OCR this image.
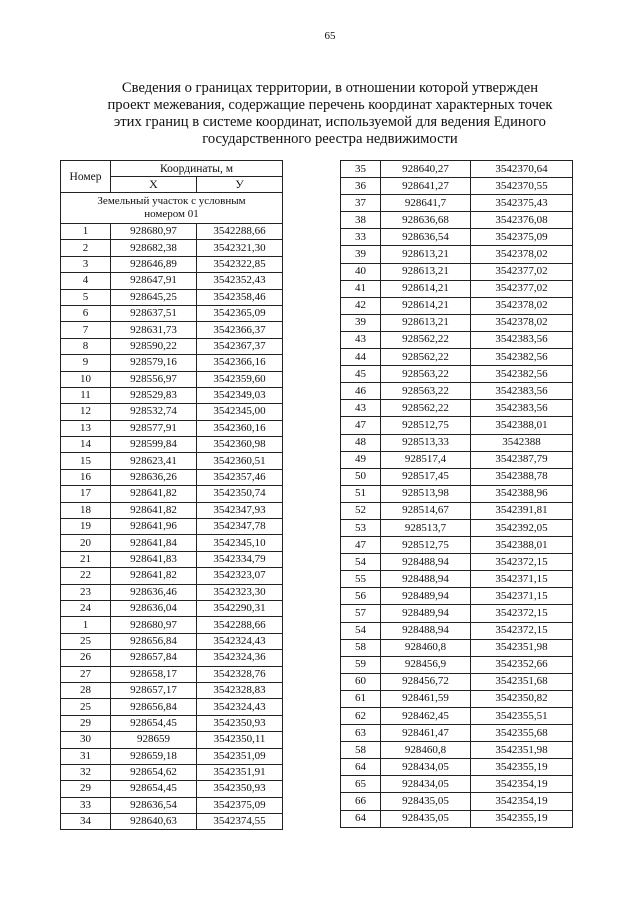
65
Сведения о границах территории, в отношении которой утвержден
проект межевания, содержащие перечень координат характерных точек
этих границ в системе координат, используемой для ведения Единого
государственного реестра недвижимости
Номер	Координаты, м	
	X	У
Земельный участок с условным номером 01		
1	928680,97	3542288,66
2	928682,38	3542321,30
3	928646,89	3542322,85
4	928647,91	3542352,43
5	928645,25	3542358,46
6	928637,51	3542365,09
7	928631,73	3542366,37
8	928590,22	3542367,37
9	928579,16	3542366,16
10	928556,97	3542359,60
11	928529,83	3542349,03
12	928532,74	3542345,00
13	928577,91	3542360,16
14	928599,84	3542360,98
15	928623,41	3542360,51
16	928636,26	3542357,46
17	928641,82	3542350,74
18	928641,82	3542347,93
19	928641,96	3542347,78
20	928641,84	3542345,10
21	928641,83	3542334,79
22	928641,82	3542323,07
23	928636,46	3542323,30
24	928636,04	3542290,31
1	928680,97	3542288,66
25	928656,84	3542324,43
26	928657,84	3542324,36
27	928658,17	3542328,76
28	928657,17	3542328,83
25	928656,84	3542324,43
29	928654,45	3542350,93
30	928659	3542350,11
31	928659,18	3542351,09
32	928654,62	3542351,91
29	928654,45	3542350,93
33	928636,54	3542375,09
34	928640,63	3542374,55
35	928640,27	3542370,64
36	928641,27	3542370,55
37	928641,7	3542375,43
38	928636,68	3542376,08
33	928636,54	3542375,09
39	928613,21	3542378,02
40	928613,21	3542377,02
41	928614,21	3542377,02
42	928614,21	3542378,02
39	928613,21	3542378,02
43	928562,22	3542383,56
44	928562,22	3542382,56
45	928563,22	3542382,56
46	928563,22	3542383,56
43	928562,22	3542383,56
47	928512,75	3542388,01
48	928513,33	3542388
49	928517,4	3542387,79
50	928517,45	3542388,78
51	928513,98	3542388,96
52	928514,67	3542391,81
53	928513,7	3542392,05
47	928512,75	3542388,01
54	928488,94	3542372,15
55	928488,94	3542371,15
56	928489,94	3542371,15
57	928489,94	3542372,15
54	928488,94	3542372,15
58	928460,8	3542351,98
59	928456,9	3542352,66
60	928456,72	3542351,68
61	928461,59	3542350,82
62	928462,45	3542355,51
63	928461,47	3542355,68
58	928460,8	3542351,98
64	928434,05	3542355,19
65	928434,05	3542354,19
66	928435,05	3542354,19
64	928435,05	3542355,19
